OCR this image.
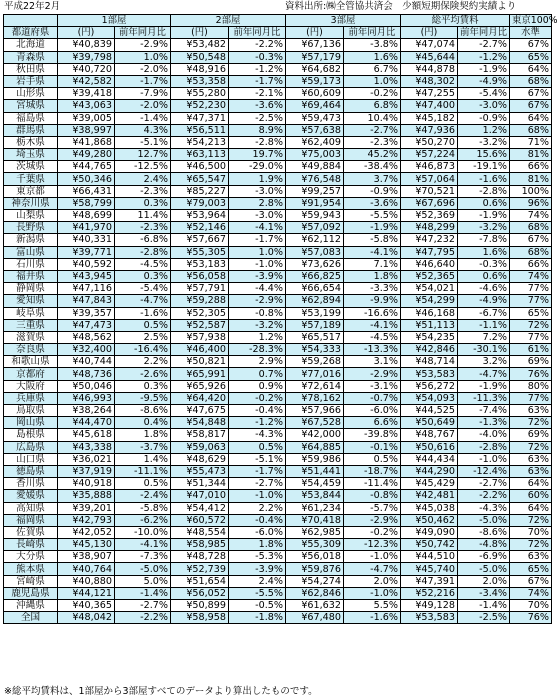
平成22年2月	資料出所:㈱全管協共済会　少額短期保険契約実績より
	1部屋		2部屋		3部屋		総平均賃料		東京100%
都道府県	(円)	前年同月比	(円)	前年同月比	(円)	前年同月比	(円)	前年同月比	水準
北海道	¥40,839	-2.9%	¥53,482	-2.2%	¥67,136	-3.8%	¥47,074	-2.7%	67%
青森県	¥39,798	1.0%	¥50,548	-0.3%	¥57,179	1.6%	¥45,644	-1.2%	65%
秋田県	¥40,720	-2.0%	¥48,916	-1.2%	¥64,682	6.7%	¥44,878	-1.9%	64%
岩手県	¥42,582	-1.7%	¥53,358	-1.7%	¥59,173	1.0%	¥48,302	-4.9%	68%
山形県	¥39,418	-7.9%	¥55,280	-2.1%	¥60,609	-0.2%	¥47,255	-5.4%	67%
宮城県	¥43,063	-2.0%	¥52,230	-3.6%	¥69,464	6.8%	¥47,400	-3.0%	67%
福島県	¥39,005	-1.4%	¥47,371	-2.5%	¥59,473	10.4%	¥45,182	-0.9%	64%
群馬県	¥38,997	4.3%	¥56,511	8.9%	¥57,638	-2.7%	¥47,936	1.2%	68%
栃木県	¥41,868	-5.1%	¥54,213	-2.8%	¥62,409	-2.3%	¥50,270	-3.2%	71%
埼玉県	¥49,280	12.7%	¥63,113	19.7%	¥75,003	45.2%	¥57,224	15.6%	81%
茨城県	¥44,765	-12.5%	¥46,500	-29.0%	¥49,884	-38.4%	¥46,873	-19.1%	66%
千葉県	¥50,346	2.4%	¥65,547	1.9%	¥76,548	3.7%	¥57,064	-1.6%	81%
東京都	¥66,431	-2.3%	¥85,227	-3.0%	¥99,257	-0.9%	¥70,521	-2.8%	100%
神奈川県	¥58,799	0.3%	¥79,003	2.8%	¥91,954	-3.6%	¥67,696	0.6%	96%
山梨県	¥48,699	11.4%	¥53,964	-3.0%	¥59,943	-5.5%	¥52,369	-1.9%	74%
長野県	¥41,970	-2.3%	¥52,146	-4.1%	¥57,092	-1.9%	¥48,299	-3.2%	68%
新潟県	¥40,331	-6.8%	¥57,667	-1.7%	¥62,112	-5.8%	¥47,232	-7.8%	67%
富山県	¥39,771	-2.8%	¥55,305	1.0%	¥57,083	-4.1%	¥47,795	1.6%	68%
石川県	¥40,592	-4.5%	¥53,183	-1.0%	¥73,626	7.1%	¥46,640	-0.3%	66%
福井県	¥43,945	0.3%	¥56,058	-3.9%	¥66,825	1.8%	¥52,365	0.6%	74%
静岡県	¥47,116	-5.4%	¥57,791	-4.4%	¥66,654	-3.3%	¥54,021	-4.6%	77%
愛知県	¥47,843	-4.7%	¥59,288	-2.9%	¥62,894	-9.9%	¥54,299	-4.9%	77%
岐阜県	¥39,357	-1.6%	¥52,305	-0.8%	¥53,199	-16.6%	¥46,168	-6.7%	65%
三重県	¥47,473	0.5%	¥52,587	-3.2%	¥57,189	-4.1%	¥51,113	-1.1%	72%
滋賀県	¥48,562	2.5%	¥57,938	1.2%	¥65,517	-4.5%	¥54,235	7.2%	77%
奈良県	¥32,400	-16.4%	¥46,400	-28.3%	¥54,333	-13.3%	¥42,846	-30.1%	61%
和歌山県	¥40,744	2.2%	¥50,821	2.9%	¥59,268	3.1%	¥48,714	3.2%	69%
京都府	¥48,736	-2.6%	¥65,991	0.7%	¥77,016	-2.9%	¥53,583	-4.7%	76%
大阪府	¥50,046	0.3%	¥65,926	0.9%	¥72,614	-3.1%	¥56,272	-1.9%	80%
兵庫県	¥46,993	-9.5%	¥64,420	-0.2%	¥78,162	-0.7%	¥54,093	-11.3%	77%
鳥取県	¥38,264	-8.6%	¥47,675	-0.4%	¥57,966	-6.0%	¥44,525	-7.4%	63%
岡山県	¥44,470	0.4%	¥54,848	-1.2%	¥67,528	6.6%	¥50,649	-1.3%	72%
島根県	¥45,618	1.8%	¥58,817	-4.3%	¥42,000	-39.8%	¥48,767	-4.0%	69%
広島県	¥43,338	-3.7%	¥59,063	0.5%	¥64,885	-0.1%	¥50,616	-2.8%	72%
山口県	¥36,021	1.4%	¥48,629	-5.1%	¥59,986	0.5%	¥44,434	-1.0%	63%
徳島県	¥37,919	-11.1%	¥55,473	-1.7%	¥51,441	-18.7%	¥44,290	-12.4%	63%
香川県	¥40,918	0.5%	¥51,344	-2.7%	¥54,459	-11.4%	¥45,429	-2.7%	64%
愛媛県	¥35,888	-2.4%	¥47,010	-1.0%	¥53,844	-0.8%	¥42,481	-2.2%	60%
高知県	¥39,201	-5.8%	¥54,412	2.2%	¥61,234	-5.7%	¥45,038	-4.3%	64%
福岡県	¥42,793	-6.2%	¥60,572	-0.4%	¥70,418	-2.9%	¥50,462	-5.0%	72%
佐賀県	¥42,052	-10.0%	¥48,554	-6.0%	¥62,985	-0.2%	¥49,090	-8.6%	70%
長崎県	¥45,130	-4.1%	¥58,985	1.8%	¥55,309	-12.3%	¥50,742	-4.8%	72%
大分県	¥38,907	-7.3%	¥48,728	-5.3%	¥56,018	-1.0%	¥44,510	-6.9%	63%
熊本県	¥40,764	-5.0%	¥52,739	-3.9%	¥59,876	-4.7%	¥45,740	-5.0%	65%
宮崎県	¥40,880	5.0%	¥51,654	2.4%	¥54,274	2.0%	¥47,391	2.0%	67%
鹿児島県	¥44,121	-1.4%	¥56,052	-5.5%	¥62,846	-1.0%	¥52,216	-3.4%	74%
沖縄県	¥40,365	-2.7%	¥50,899	-0.5%	¥61,632	5.5%	¥49,128	-1.4%	70%
全国	¥48,042	-2.2%	¥58,958	-1.8%	¥67,480	-1.6%	¥53,583	-2.5%	76%
※総平均賃料は、1部屋から3部屋すべてのデータより算出したものです。
